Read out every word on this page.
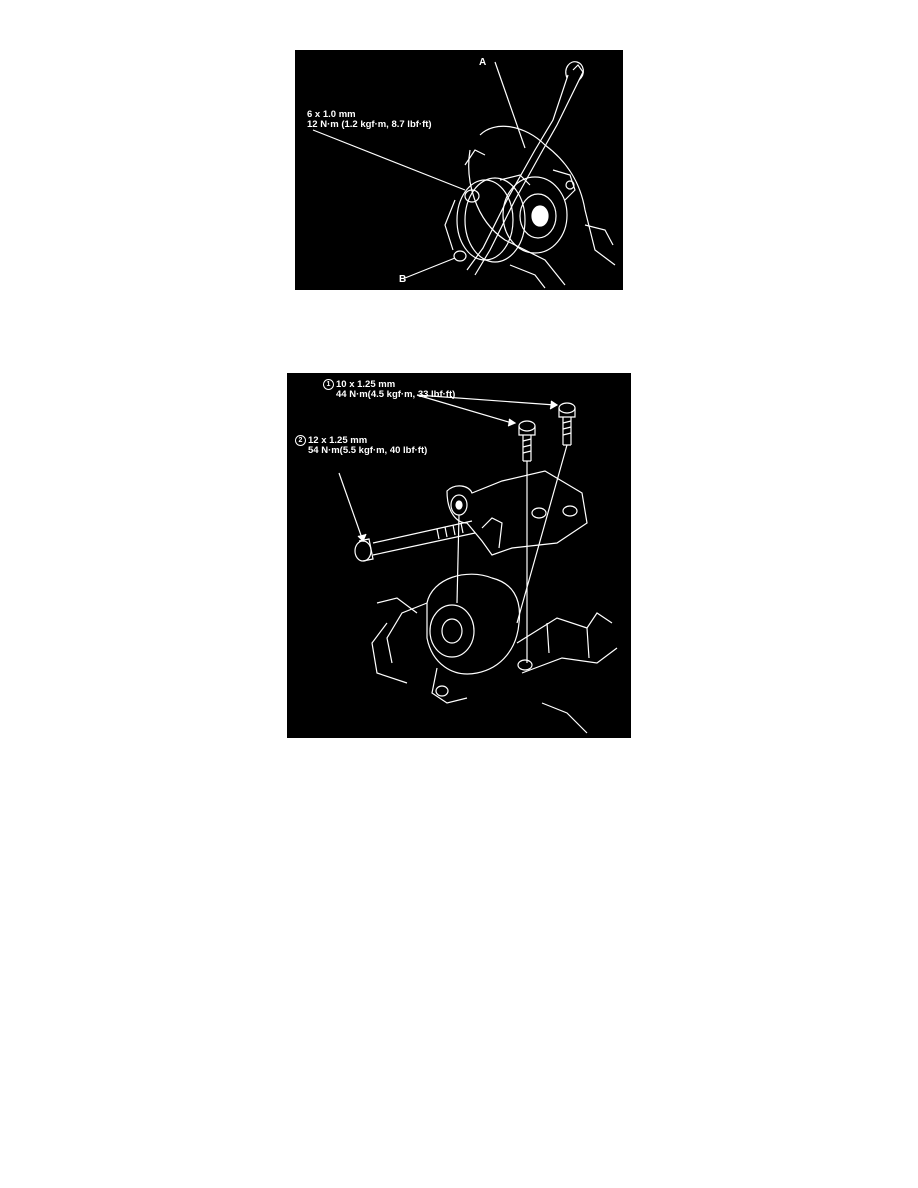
6 x 1.0 mm
12 N·m (1.2 kgf·m, 8.7 lbf·ft)
A
B
1 10 x 1.25 mm
44 N·m(4.5 kgf·m, 33 lbf·ft)
2 12 x 1.25 mm
54 N·m(5.5 kgf·m, 40 lbf·ft)
